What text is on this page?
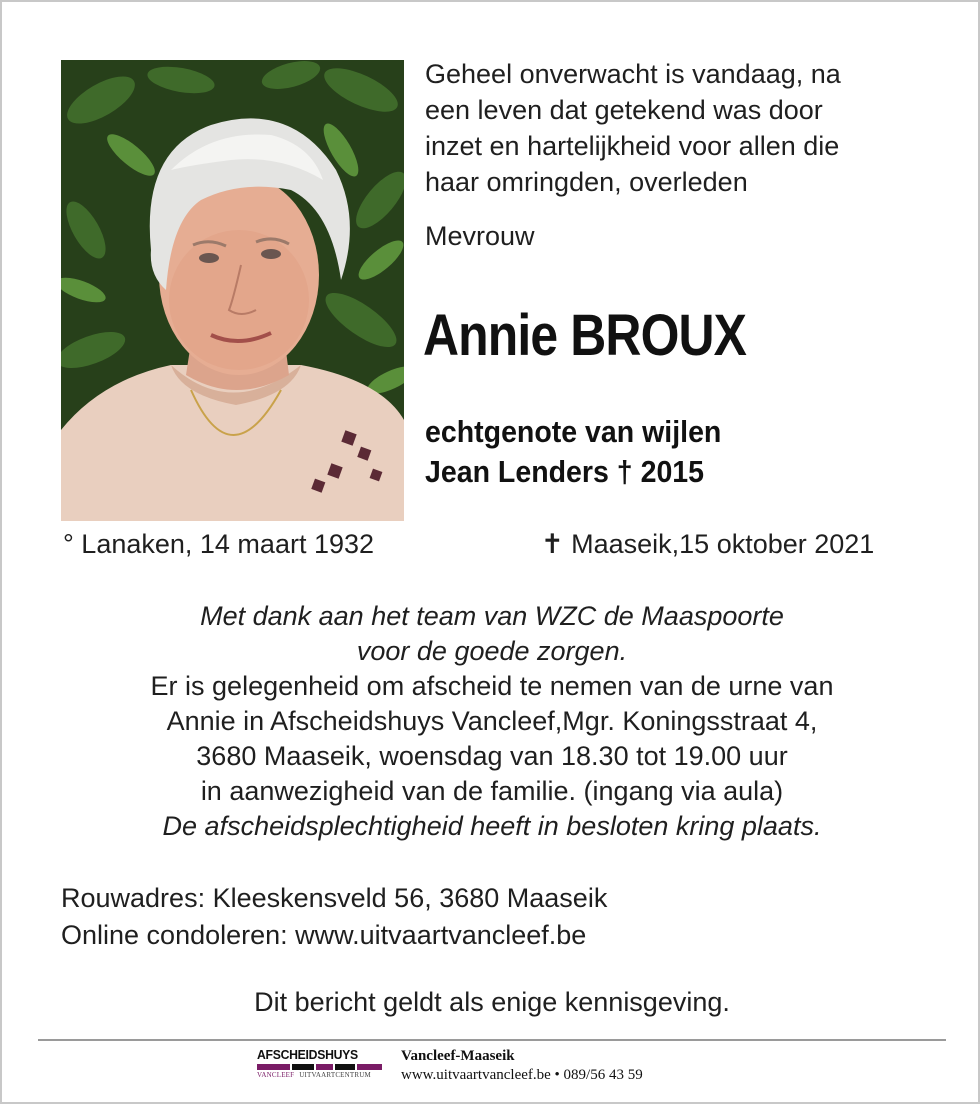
Geheel onverwacht is vandaag, na

een leven dat getekend was door

inzet en hartelijkheid voor allen die

haar omringden, overleden

Mevrouw

Annie BROUX
echtgenote van wijlen
Jean Lenders † 2015
° Lanaken, 14 maart 1932	✝ Maaseik,15 oktober 2021
Met dank aan het team van WZC de Maaspoorte
voor de goede zorgen.
Er is gelegenheid om afscheid te nemen van de urne van
Annie in Afscheidshuys Vancleef,Mgr. Koningsstraat 4,
3680 Maaseik, woensdag van 18.30 tot 19.00 uur
in aanwezigheid van de familie. (ingang via aula)
De afscheidsplechtigheid heeft in besloten kring plaats.
Rouwadres: Kleeskensveld 56, 3680 Maaseik
Online condoleren: www.uitvaartvancleef.be
Dit bericht geldt als enige kennisgeving.
AFSCHEIDSHUYS
VANCLEEF UITVAARTCENTRUM
Vancleef-Maaseik
www.uitvaartvancleef.be • 089/56 43 59
